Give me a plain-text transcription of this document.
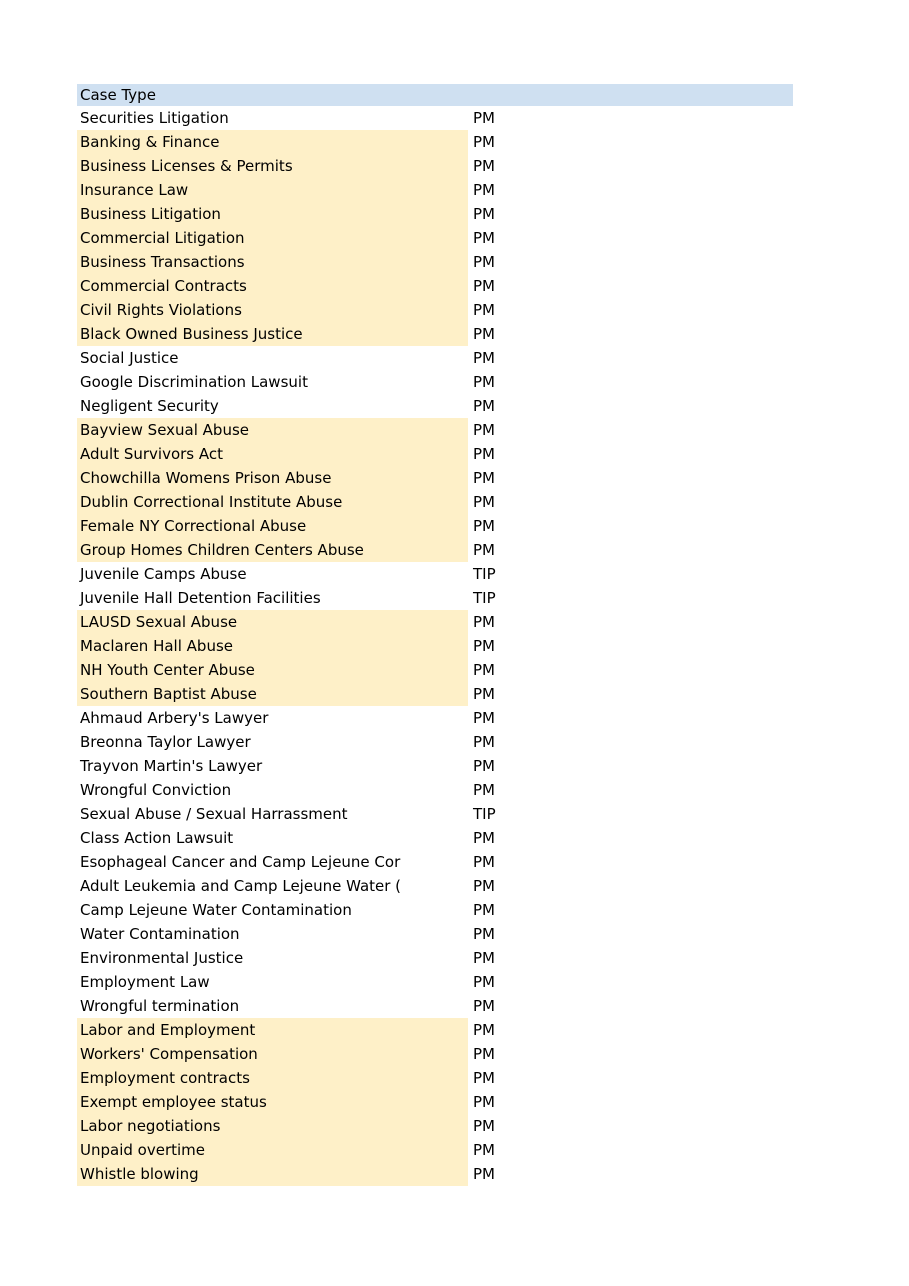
Case Type
Securities Litigation	PM
Banking & Finance	PM
Business Licenses & Permits	PM
Insurance Law	PM
Business Litigation	PM
Commercial Litigation	PM
Business Transactions	PM
Commercial Contracts	PM
Civil Rights Violations	PM
Black Owned Business Justice	PM
Social Justice	PM
Google Discrimination Lawsuit	PM
Negligent Security	PM
Bayview Sexual Abuse	PM
Adult Survivors Act	PM
Chowchilla Womens Prison Abuse	PM
Dublin Correctional Institute Abuse	PM
Female NY Correctional Abuse	PM
Group Homes Children Centers Abuse	PM
Juvenile Camps Abuse	TIP
Juvenile Hall Detention Facilities	TIP
LAUSD Sexual Abuse	PM
Maclaren Hall Abuse	PM
NH Youth Center Abuse	PM
Southern Baptist Abuse	PM
Ahmaud Arbery's Lawyer	PM
Breonna Taylor Lawyer	PM
Trayvon Martin's Lawyer	PM
Wrongful Conviction	PM
Sexual Abuse / Sexual Harrassment	TIP
Class Action Lawsuit	PM
Esophageal Cancer and Camp Lejeune Cor	PM
Adult Leukemia and Camp Lejeune Water (	PM
Camp Lejeune Water Contamination	PM
Water Contamination	PM
Environmental Justice	PM
Employment Law	PM
Wrongful termination	PM
Labor and Employment	PM
Workers' Compensation	PM
Employment contracts	PM
Exempt employee status	PM
Labor negotiations	PM
Unpaid overtime	PM
Whistle blowing	PM
